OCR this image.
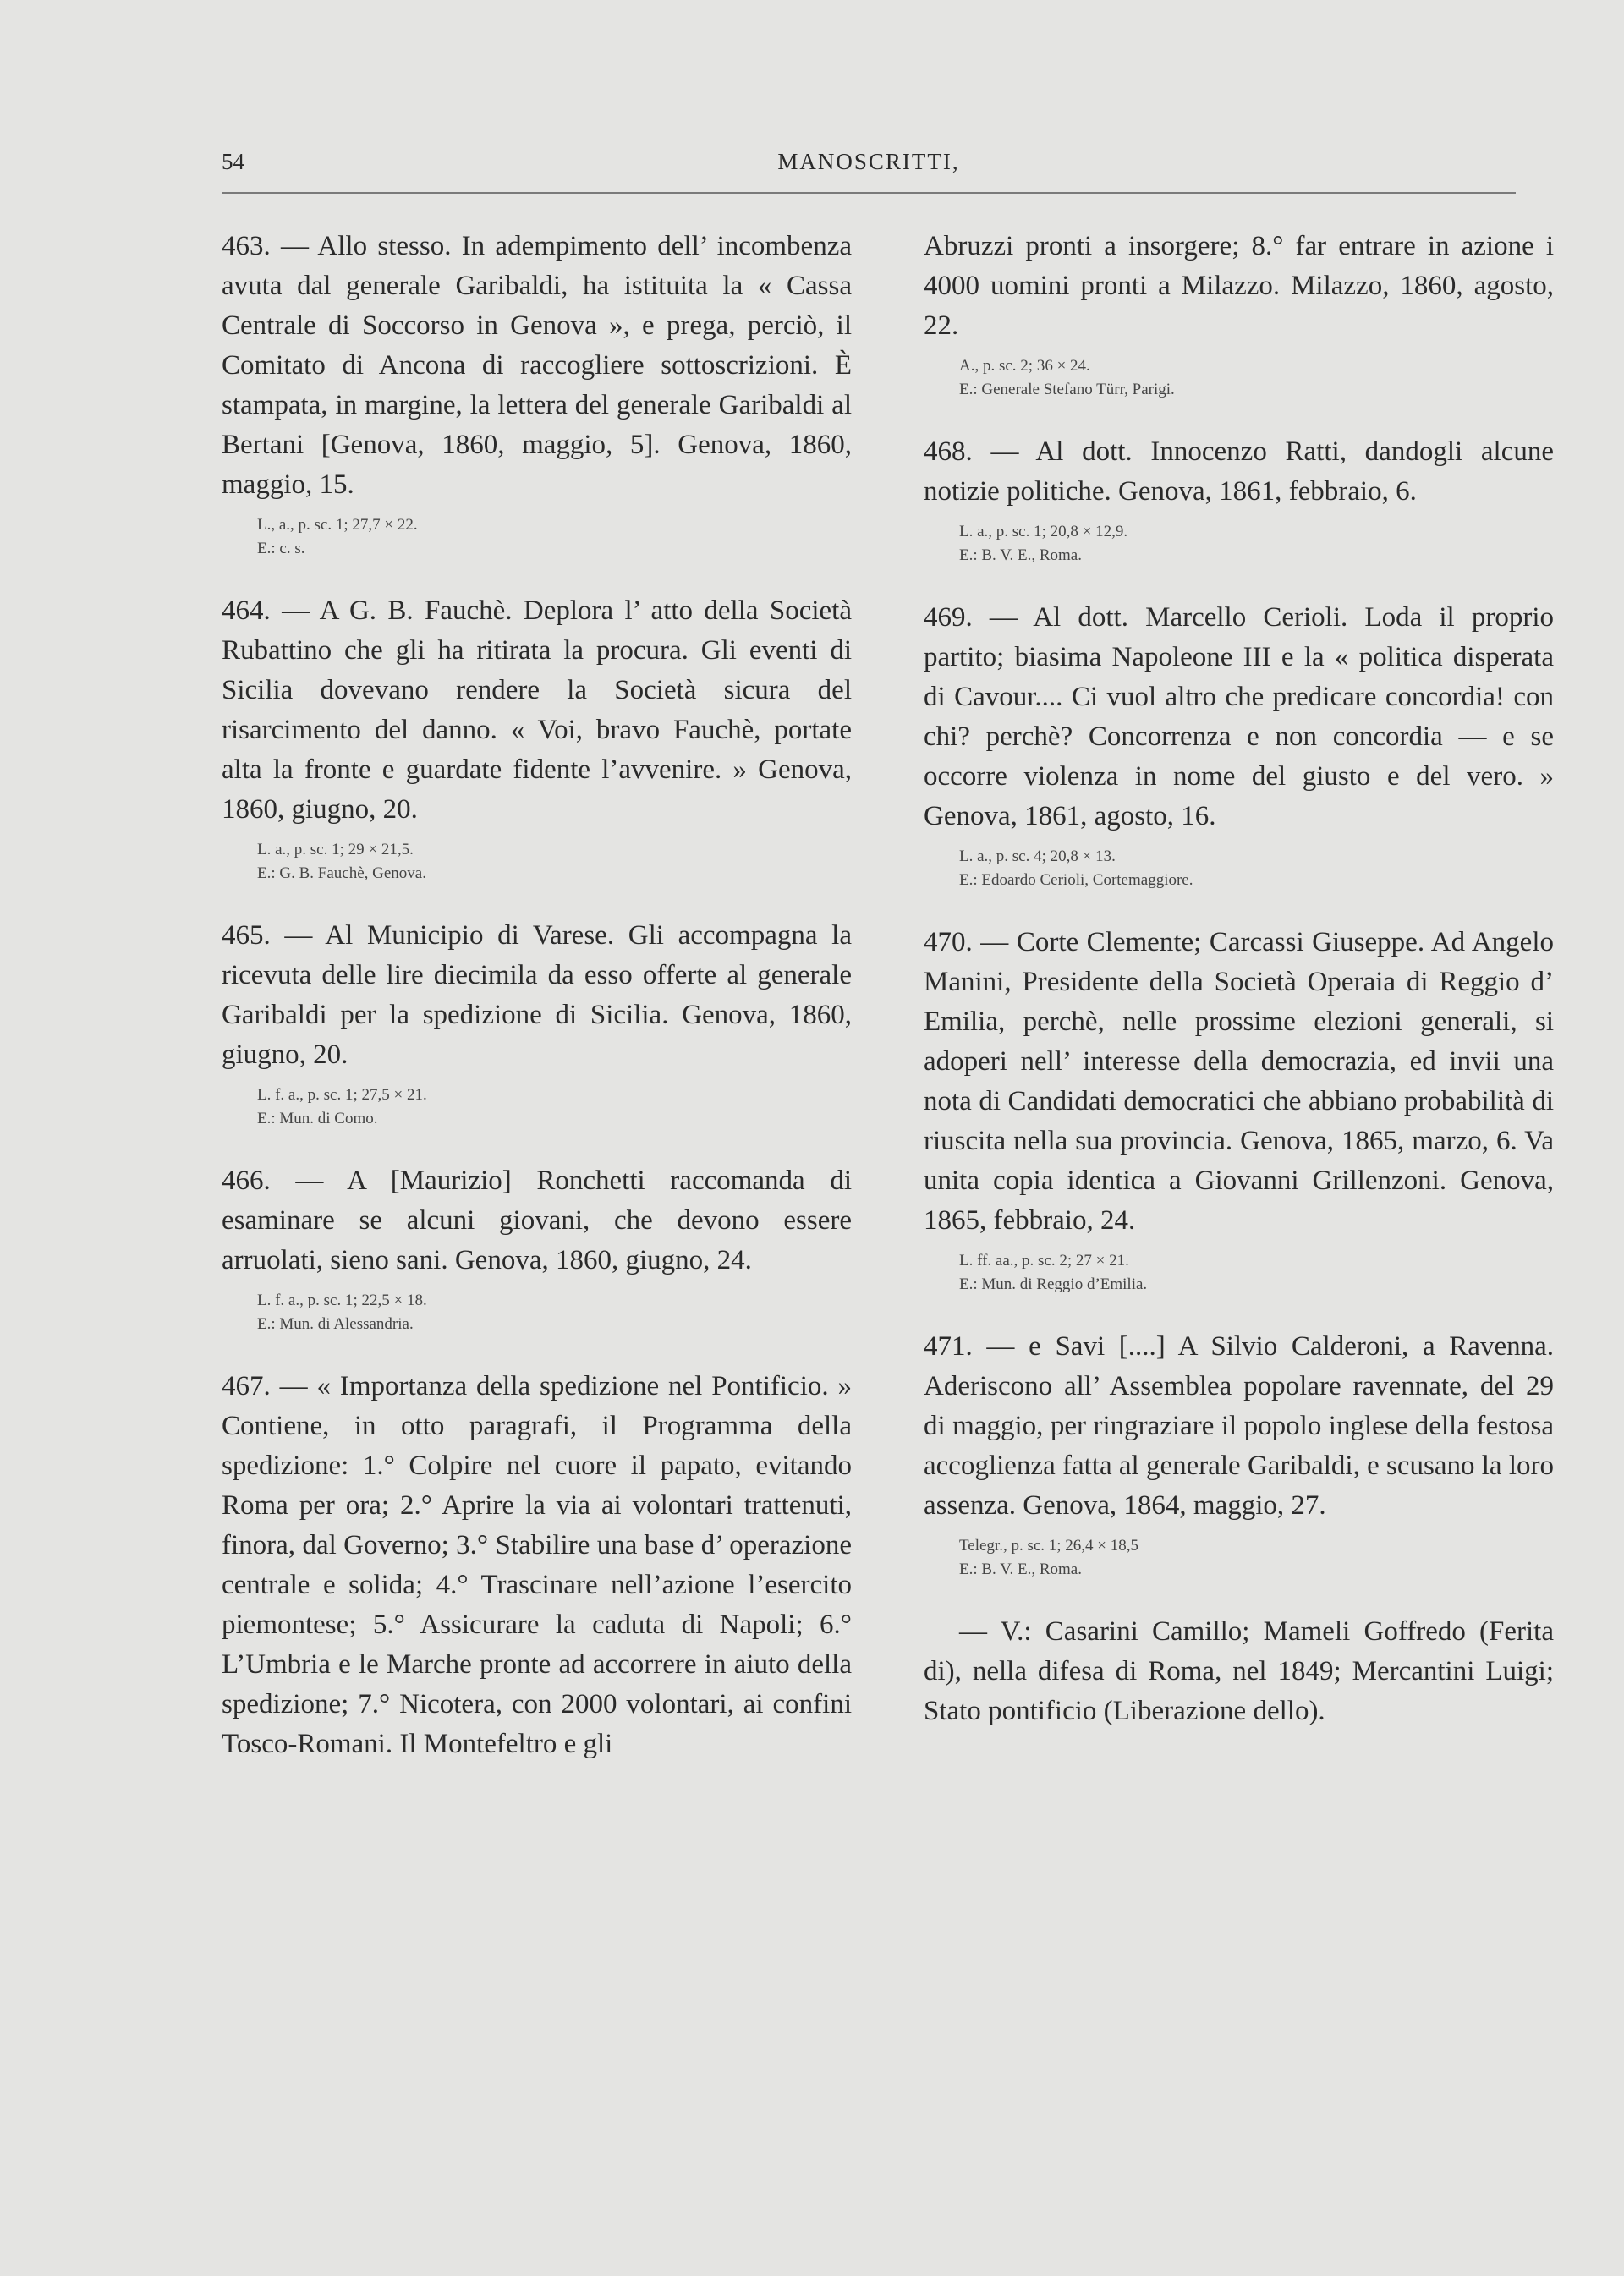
54	MANOSCRITTI,

463. — Allo stesso. In adempimento dell’ incombenza avuta dal generale Garibaldi, ha istituita la « Cassa Centrale di Soccorso in Genova », e prega, perciò, il Comitato di Ancona di raccogliere sottoscrizioni. È stampata, in margine, la lettera del generale Garibaldi al Bertani [Genova, 1860, maggio, 5]. Genova, 1860, maggio, 15.

L., a., p. sc. 1; 27,7 × 22.
E.: c. s.

464. — A G. B. Fauchè. Deplora l’ atto della Società Rubattino che gli ha ritirata la procura. Gli eventi di Sicilia dovevano rendere la Società sicura del risarcimento del danno. « Voi, bravo Fauchè, portate alta la fronte e guardate fidente l’avvenire. » Genova, 1860, giugno, 20.

L. a., p. sc. 1; 29 × 21,5.
E.: G. B. Fauchè, Genova.

465. — Al Municipio di Varese. Gli accompagna la ricevuta delle lire diecimila da esso offerte al generale Garibaldi per la spedizione di Sicilia. Genova, 1860, giugno, 20.

L. f. a., p. sc. 1; 27,5 × 21.
E.: Mun. di Como.

466. — A [Maurizio] Ronchetti raccomanda di esaminare se alcuni giovani, che devono essere arruolati, sieno sani. Genova, 1860, giugno, 24.

L. f. a., p. sc. 1; 22,5 × 18.
E.: Mun. di Alessandria.

467. — « Importanza della spedizione nel Pontificio. » Contiene, in otto paragrafi, il Programma della spedizione: 1.° Colpire nel cuore il papato, evitando Roma per ora; 2.° Aprire la via ai volontari trattenuti, finora, dal Governo; 3.° Stabilire una base d’ operazione centrale e solida; 4.° Trascinare nell’azione l’esercito piemontese; 5.° Assicurare la caduta di Napoli; 6.° L’Umbria e le Marche pronte ad accorrere in aiuto della spedizione; 7.° Nicotera, con 2000 volontari, ai confini Tosco-Romani. Il Montefeltro e gli

Abruzzi pronti a insorgere; 8.° far entrare in azione i 4000 uomini pronti a Milazzo. Milazzo, 1860, agosto, 22.

A., p. sc. 2; 36 × 24.
E.: Generale Stefano Türr, Parigi.

468. — Al dott. Innocenzo Ratti, dandogli alcune notizie politiche. Genova, 1861, febbraio, 6.

L. a., p. sc. 1; 20,8 × 12,9.
E.: B. V. E., Roma.

469. — Al dott. Marcello Cerioli. Loda il proprio partito; biasima Napoleone III e la « politica disperata di Cavour.... Ci vuol altro che predicare concordia! con chi? perchè? Concorrenza e non concordia — e se occorre violenza in nome del giusto e del vero. » Genova, 1861, agosto, 16.

L. a., p. sc. 4; 20,8 × 13.
E.: Edoardo Cerioli, Cortemaggiore.

470. — Corte Clemente; Carcassi Giuseppe. Ad Angelo Manini, Presidente della Società Operaia di Reggio d’ Emilia, perchè, nelle prossime elezioni generali, si adoperi nell’ interesse della democrazia, ed invii una nota di Candidati democratici che abbiano probabilità di riuscita nella sua provincia. Genova, 1865, marzo, 6. Va unita copia identica a Giovanni Grillenzoni. Genova, 1865, febbraio, 24.

L. ff. aa., p. sc. 2; 27 × 21.
E.: Mun. di Reggio d’Emilia.

471. — e Savi [....] A Silvio Calderoni, a Ravenna. Aderiscono all’ Assemblea popolare ravennate, del 29 di maggio, per ringraziare il popolo inglese della festosa accoglienza fatta al generale Garibaldi, e scusano la loro assenza. Genova, 1864, maggio, 27.

Telegr., p. sc. 1; 26,4 × 18,5
E.: B. V. E., Roma.

— V.: Casarini Camillo; Mameli Goffredo (Ferita di), nella difesa di Roma, nel 1849; Mercantini Luigi; Stato pontificio (Liberazione dello).
